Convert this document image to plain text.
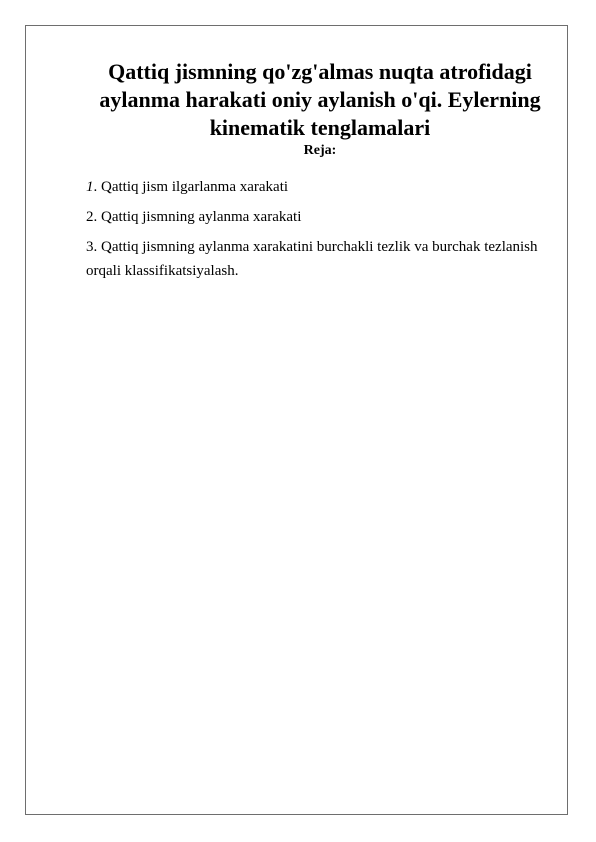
Qattiq jismning qo'zg'almas nuqta atrofidagi aylanma harakati oniy aylanish o'qi. Eylerning kinematik tenglamalari
Reja:
1. Qattiq jism ilgarlanma xarakati
2. Qattiq jismning aylanma xarakati
3. Qattiq jismning aylanma xarakatini burchakli tezlik va burchak tezlanish orqali klassifikatsiyalash.
